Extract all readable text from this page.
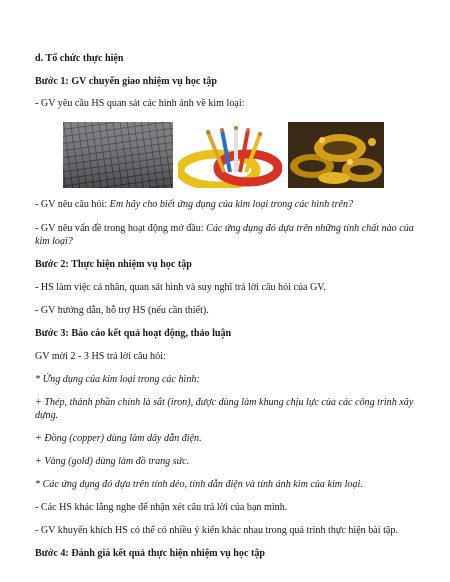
d. Tổ chức thực hiện
Bước 1: GV chuyển giao nhiệm vụ học tập
- GV yêu cầu HS quan sát các hình ảnh về kim loại:
- GV nêu câu hỏi: Em hãy cho biết ứng dụng của kim loại trong các hình trên?
- GV nêu vấn đề trong hoạt động mở đầu: Các ứng dụng đó dựa trên những tính chất nào của kim loại?
Bước 2: Thực hiện nhiệm vụ học tập
- HS làm việc cá nhân, quan sát hình và suy nghĩ trả lời câu hỏi của GV.
- GV hướng dẫn, hỗ trợ HS (nếu cần thiết).
Bước 3: Báo cáo kết quả hoạt động, thảo luận
GV mời 2 - 3 HS trả lời câu hỏi:
* Ứng dụng của kim loại trong các hình:
+ Thép, thành phần chính là sắt (iron), được dùng làm khung chịu lực của các công trình xây dựng.
+ Đồng (copper) dùng làm dây dẫn điện.
+ Vàng (gold) dùng làm đồ trang sức.
* Các ứng dụng đó dựa trên tính dẻo, tính dẫn điện và tính ánh kim của kim loại.
- Các HS khác lắng nghe để nhận xét câu trả lời của bạn mình.
- GV khuyến khích HS có thể có nhiều ý kiến khác nhau trong quá trình thực hiện bài tập.
Bước 4: Đánh giá kết quả thực hiện nhiệm vụ học tập
